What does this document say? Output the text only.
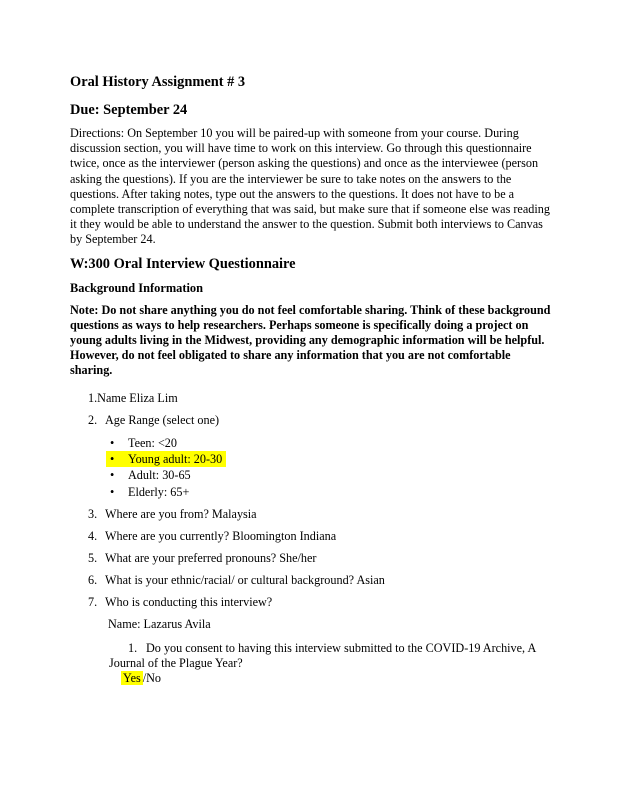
Oral History Assignment # 3
Due: September 24

Directions: On September 10 you will be paired-up with someone from your course. During discussion section, you will have time to work on this interview. Go through this questionnaire twice, once as the interviewer (person asking the questions) and once as the interviewee (person asking the questions). If you are the interviewer be sure to take notes on the answers to the questions. After taking notes, type out the answers to the questions. It does not have to be a complete transcription of everything that was said, but make sure that if someone else was reading it they would be able to understand the answer to the question. Submit both interviews to Canvas by September 24.

W:300 Oral Interview Questionnaire
Background Information

Note: Do not share anything you do not feel comfortable sharing. Think of these background questions as ways to help researchers. Perhaps someone is specifically doing a project on young adults living in the Midwest, providing any demographic information will be helpful. However, do not feel obligated to share any information that you are not comfortable sharing.

1.Name Eliza Lim
2. Age Range (select one)
• Teen: <20
• Young adult: 20-30
• Adult: 30-65
• Elderly: 65+
3. Where are you from? Malaysia
4. Where are you currently? Bloomington Indiana
5. What are your preferred pronouns? She/her
6. What is your ethnic/racial/ or cultural background? Asian
7. Who is conducting this interview?
Name: Lazarus Avila
1. Do you consent to having this interview submitted to the COVID-19 Archive, A
Journal of the Plague Year?
Yes /No
